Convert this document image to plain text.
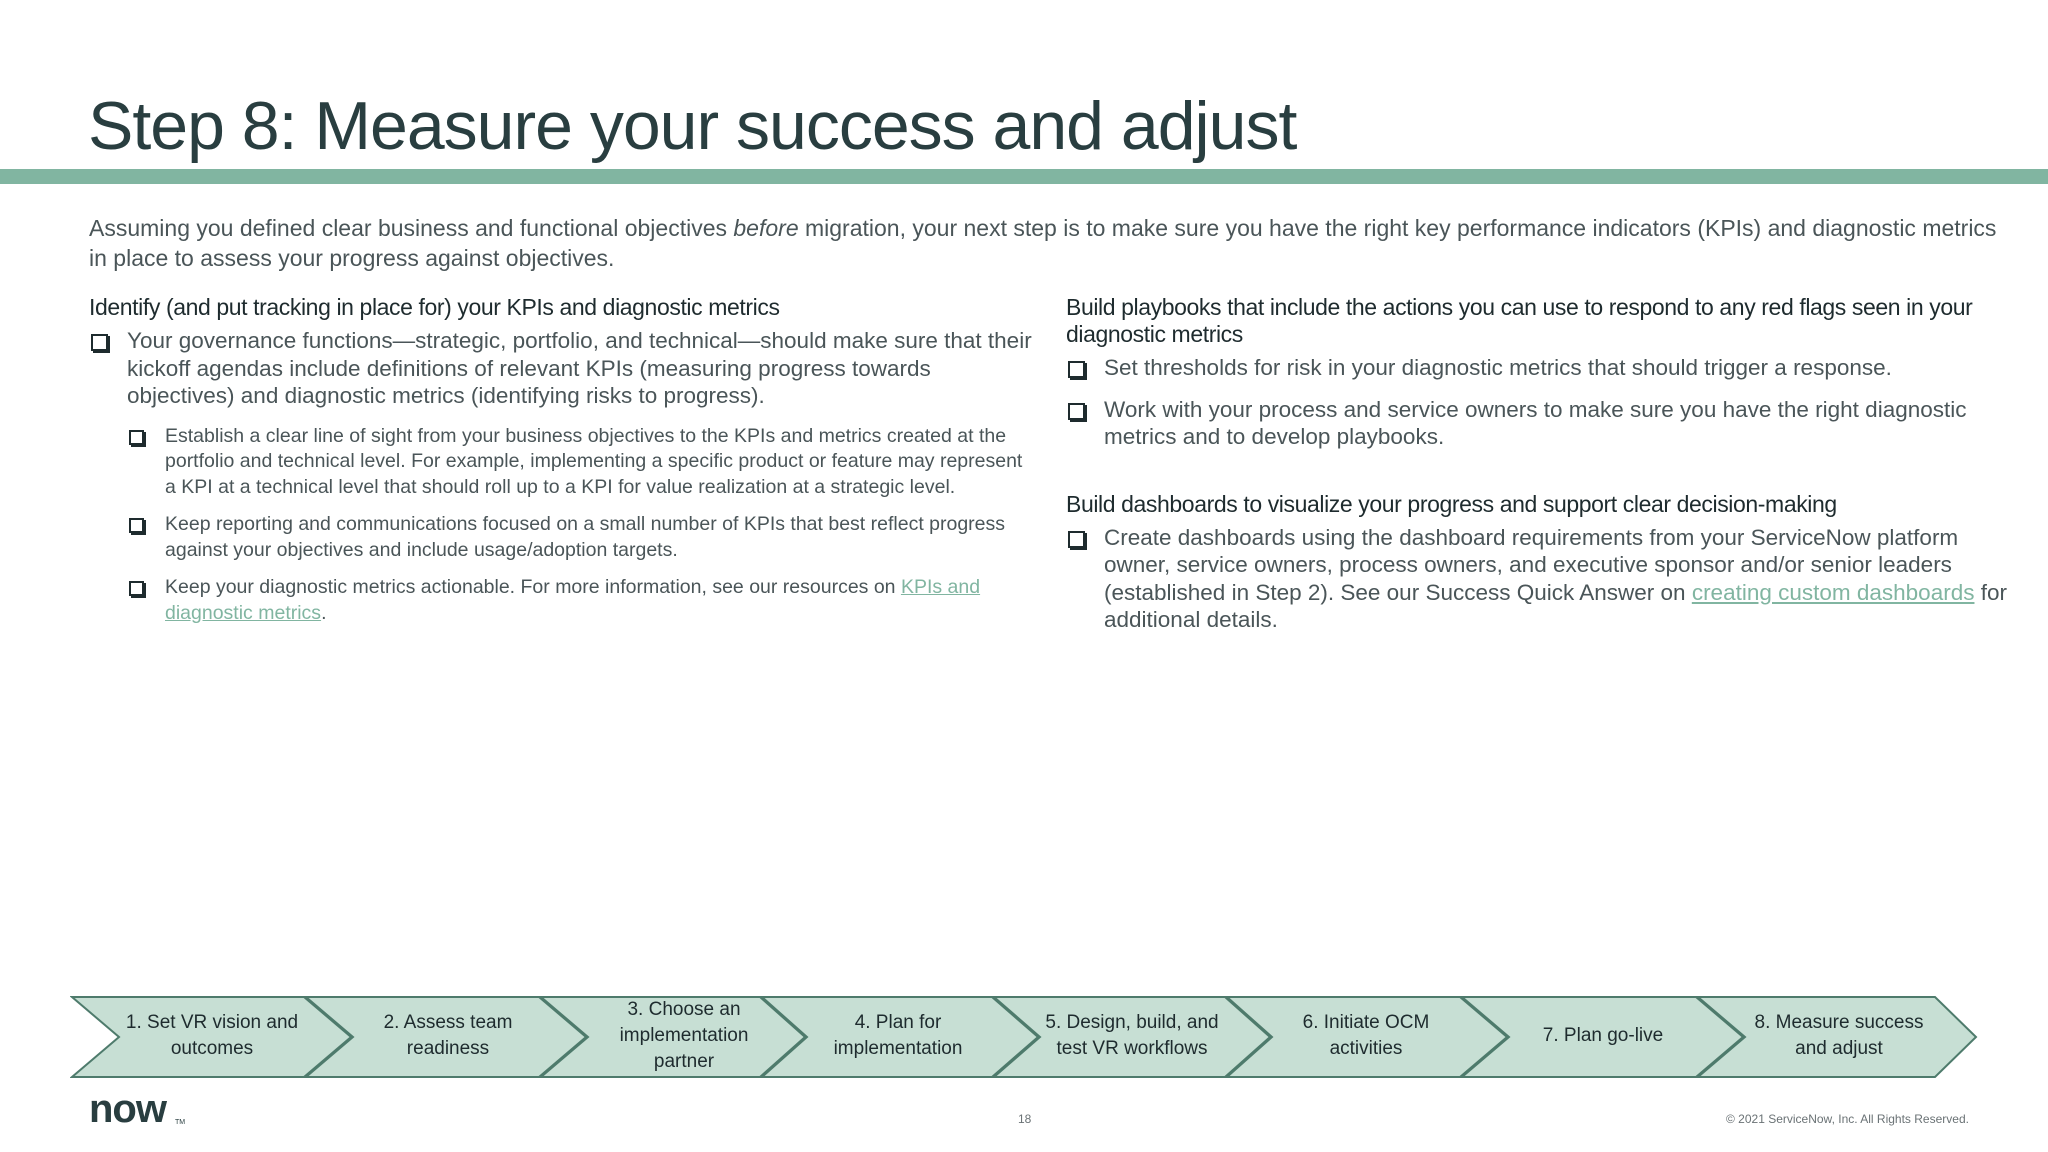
Step 8: Measure your success and adjust

Assuming you defined clear business and functional objectives before migration, your next step is to make sure you have the right key performance indicators (KPIs) and diagnostic metrics in place to assess your progress against objectives.

Identify (and put tracking in place for) your KPIs and diagnostic metrics
Your governance functions—strategic, portfolio, and technical—should make sure that their kickoff agendas include definitions of relevant KPIs (measuring progress towards objectives) and diagnostic metrics (identifying risks to progress).
Establish a clear line of sight from your business objectives to the KPIs and metrics created at the portfolio and technical level. For example, implementing a specific product or feature may represent a KPI at a technical level that should roll up to a KPI for value realization at a strategic level.
Keep reporting and communications focused on a small number of KPIs that best reflect progress against your objectives and include usage/adoption targets.
Keep your diagnostic metrics actionable. For more information, see our resources on KPIs and diagnostic metrics.
Build playbooks that include the actions you can use to respond to any red flags seen in your diagnostic metrics
Set thresholds for risk in your diagnostic metrics that should trigger a response.
Work with your process and service owners to make sure you have the right diagnostic metrics and to develop playbooks.
Build dashboards to visualize your progress and support clear decision-making
Create dashboards using the dashboard requirements from your ServiceNow platform owner, service owners, process owners, and executive sponsor and/or senior leaders (established in Step 2). See our Success Quick Answer on creating custom dashboards for additional details.
1. Set VR vision and outcomes
2. Assess team readiness
3. Choose an implementation partner
4. Plan for implementation
5. Design, build, and test VR workflows
6. Initiate OCM activities
7. Plan go-live
8. Measure success and adjust
now TM	18	© 2021 ServiceNow, Inc. All Rights Reserved.
